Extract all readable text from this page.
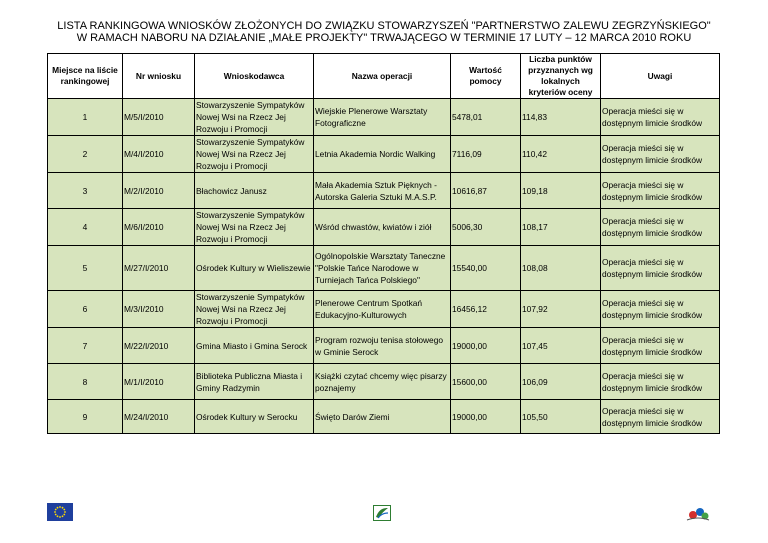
LISTA RANKINGOWA WNIOSKÓW ZŁOŻONYCH DO ZWIĄZKU STOWARZYSZEŃ "PARTNERSTWO ZALEWU ZEGRZYŃSKIEGO"
W RAMACH NABORU NA DZIAŁANIE „MAŁE PROJEKTY" TRWAJĄCEGO W TERMINIE 17 LUTY – 12 MARCA 2010 ROKU
Miejsce na liście rankingowej	Nr wniosku	Wnioskodawca	Nazwa operacji	Wartość pomocy	Liczba punktów przyznanych wg lokalnych kryteriów oceny	Uwagi
1	M/5/I/2010	Stowarzyszenie Sympatyków Nowej Wsi na Rzecz Jej Rozwoju i Promocji	Wiejskie Plenerowe Warsztaty Fotograficzne	5478,01	114,83	Operacja mieści się w dostępnym limicie środków
2	M/4/I/2010	Stowarzyszenie Sympatyków Nowej Wsi na Rzecz Jej Rozwoju i Promocji	Letnia Akademia Nordic Walking	7116,09	110,42	Operacja mieści się w dostępnym limicie środków
3	M/2/I/2010	Błachowicz Janusz	Mała Akademia Sztuk Pięknych - Autorska Galeria Sztuki M.A.S.P.	10616,87	109,18	Operacja mieści się w dostępnym limicie środków
4	M/6/I/2010	Stowarzyszenie Sympatyków Nowej Wsi na Rzecz Jej Rozwoju i Promocji	Wśród chwastów, kwiatów i ziół	5006,30	108,17	Operacja mieści się w dostępnym limicie środków
5	M/27/I/2010	Ośrodek Kultury w Wieliszewie	Ogólnopolskie Warsztaty Taneczne "Polskie Tańce Narodowe w Turniejach Tańca Polskiego"	15540,00	108,08	Operacja mieści się w dostępnym limicie środków
6	M/3/I/2010	Stowarzyszenie Sympatyków Nowej Wsi na Rzecz Jej Rozwoju i Promocji	Plenerowe Centrum Spotkań Edukacyjno-Kulturowych	16456,12	107,92	Operacja mieści się w dostępnym limicie środków
7	M/22/I/2010	Gmina Miasto i Gmina Serock	Program rozwoju tenisa stołowego w Gminie Serock	19000,00	107,45	Operacja mieści się w dostępnym limicie środków
8	M/1/I/2010	Biblioteka Publiczna Miasta i Gminy Radzymin	Książki czytać chcemy więc pisarzy poznajemy	15600,00	106,09	Operacja mieści się w dostępnym limicie środków
9	M/24/I/2010	Ośrodek Kultury w Serocku	Święto Darów Ziemi	19000,00	105,50	Operacja mieści się w dostępnym limicie środków
